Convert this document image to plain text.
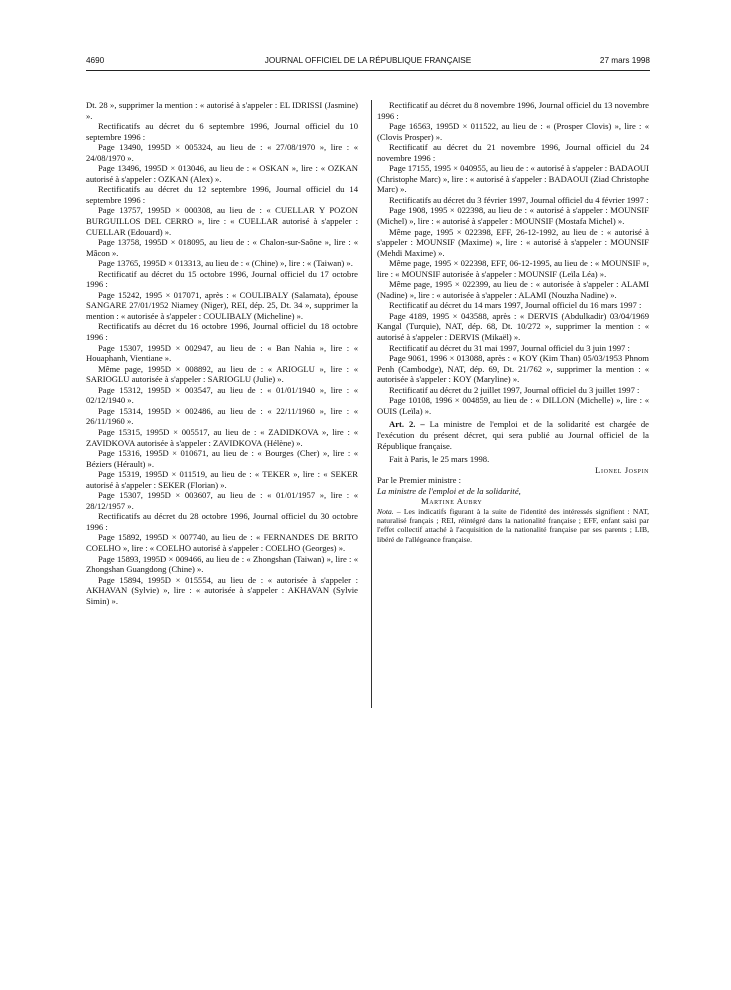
4690	JOURNAL OFFICIEL DE LA RÉPUBLIQUE FRANÇAISE	27 mars 1998

Dt. 28 », supprimer la mention : « autorisé à s'appeler : EL IDRISSI (Jasmine) ».

Rectificatifs au décret du 6 septembre 1996, Journal officiel du 10 septembre 1996 :

Page 13490, 1995D × 005324, au lieu de : « 27/08/1970 », lire : « 24/08/1970 ».

Page 13496, 1995D × 013046, au lieu de : « OSKAN », lire : « OZKAN autorisé à s'appeler : OZKAN (Alex) ».

Rectificatifs au décret du 12 septembre 1996, Journal officiel du 14 septembre 1996 :

Page 13757, 1995D × 000308, au lieu de : « CUELLAR Y POZON BURGUILLOS DEL CERRO », lire : « CUELLAR autorisé à s'appeler : CUELLAR (Edouard) ».

Page 13758, 1995D × 018095, au lieu de : « Chalon-sur-Saône », lire : « Mâcon ».

Page 13765, 1995D × 013313, au lieu de : « (Chine) », lire : « (Taiwan) ».

Rectificatif au décret du 15 octobre 1996, Journal officiel du 17 octobre 1996 :

Page 15242, 1995 × 017071, après : « COULIBALY (Salamata), épouse SANGARE 27/01/1952 Niamey (Niger), REI, dép. 25, Dt. 34 », supprimer la mention : « autorisée à s'appeler : COULIBALY (Micheline) ».

Rectificatifs au décret du 16 octobre 1996, Journal officiel du 18 octobre 1996 :

Page 15307, 1995D × 002947, au lieu de : « Ban Nahia », lire : « Houaphanh, Vientiane ».

Même page, 1995D × 008892, au lieu de : « ARIOGLU », lire : « SARIOGLU autorisée à s'appeler : SARIOGLU (Julie) ».

Page 15312, 1995D × 003547, au lieu de : « 01/01/1940 », lire : « 02/12/1940 ».

Page 15314, 1995D × 002486, au lieu de : « 22/11/1960 », lire : « 26/11/1960 ».

Page 15315, 1995D × 005517, au lieu de : « ZADIDKOVA », lire : « ZAVIDKOVA autorisée à s'appeler : ZAVIDKOVA (Hélène) ».

Page 15316, 1995D × 010671, au lieu de : « Bourges (Cher) », lire : « Béziers (Hérault) ».

Page 15319, 1995D × 011519, au lieu de : « TEKER », lire : « SEKER autorisé à s'appeler : SEKER (Florian) ».

Page 15307, 1995D × 003607, au lieu de : « 01/01/1957 », lire : « 28/12/1957 ».

Rectificatifs au décret du 28 octobre 1996, Journal officiel du 30 octobre 1996 :

Page 15892, 1995D × 007740, au lieu de : « FERNANDES DE BRITO COELHO », lire : « COELHO autorisé à s'appeler : COELHO (Georges) ».

Page 15893, 1995D × 009466, au lieu de : « Zhongshan (Taiwan) », lire : « Zhongshan Guangdong (Chine) ».

Page 15894, 1995D × 015554, au lieu de : « autorisée à s'appeler : AKHAVAN (Sylvie) », lire : « autorisée à s'appeler : AKHAVAN (Sylvie Simin) ».

Rectificatif au décret du 8 novembre 1996, Journal officiel du 13 novembre 1996 :

Page 16563, 1995D × 011522, au lieu de : « (Prosper Clovis) », lire : « (Clovis Prosper) ».

Rectificatif au décret du 21 novembre 1996, Journal officiel du 24 novembre 1996 :

Page 17155, 1995 × 040955, au lieu de : « autorisé à s'appeler : BADAOUI (Christophe Marc) », lire : « autorisé à s'appeler : BADAOUI (Ziad Christophe Marc) ».

Rectificatifs au décret du 3 février 1997, Journal officiel du 4 février 1997 :

Page 1908, 1995 × 022398, au lieu de : « autorisé à s'appeler : MOUNSIF (Michel) », lire : « autorisé à s'appeler : MOUNSIF (Mostafa Michel) ».

Même page, 1995 × 022398, EFF, 26-12-1992, au lieu de : « autorisé à s'appeler : MOUNSIF (Maxime) », lire : « autorisé à s'appeler : MOUNSIF (Mehdi Maxime) ».

Même page, 1995 × 022398, EFF, 06-12-1995, au lieu de : « MOUNSIF », lire : « MOUNSIF autorisée à s'appeler : MOUNSIF (Leïla Léa) ».

Même page, 1995 × 022399, au lieu de : « autorisée à s'appeler : ALAMI (Nadine) », lire : « autorisée à s'appeler : ALAMI (Nouzha Nadine) ».

Rectificatif au décret du 14 mars 1997, Journal officiel du 16 mars 1997 :

Page 4189, 1995 × 043588, après : « DERVIS (Abdulkadir) 03/04/1969 Kangal (Turquie), NAT, dép. 68, Dt. 10/272 », supprimer la mention : « autorisé à s'appeler : DERVIS (Mikaël) ».

Rectificatif au décret du 31 mai 1997, Journal officiel du 3 juin 1997 :

Page 9061, 1996 × 013088, après : « KOY (Kim Than) 05/03/1953 Phnom Penh (Cambodge), NAT, dép. 69, Dt. 21/762 », supprimer la mention : « autorisée à s'appeler : KOY (Maryline) ».

Rectificatif au décret du 2 juillet 1997, Journal officiel du 3 juillet 1997 :

Page 10108, 1996 × 004859, au lieu de : « DILLON (Michelle) », lire : « OUIS (Leïla) ».

Art. 2. – La ministre de l'emploi et de la solidarité est chargée de l'exécution du présent décret, qui sera publié au Journal officiel de la République française.

Fait à Paris, le 25 mars 1998.

Lionel Jospin

Par le Premier ministre :

La ministre de l'emploi et de la solidarité,

Martine Aubry

Nota. – Les indicatifs figurant à la suite de l'identité des intéressés signifient : NAT, naturalisé français ; REI, réintégré dans la nationalité française ; EFF, enfant saisi par l'effet collectif attaché à l'acquisition de la nationalité française par ses parents ; LIB, libéré de l'allégeance française.
